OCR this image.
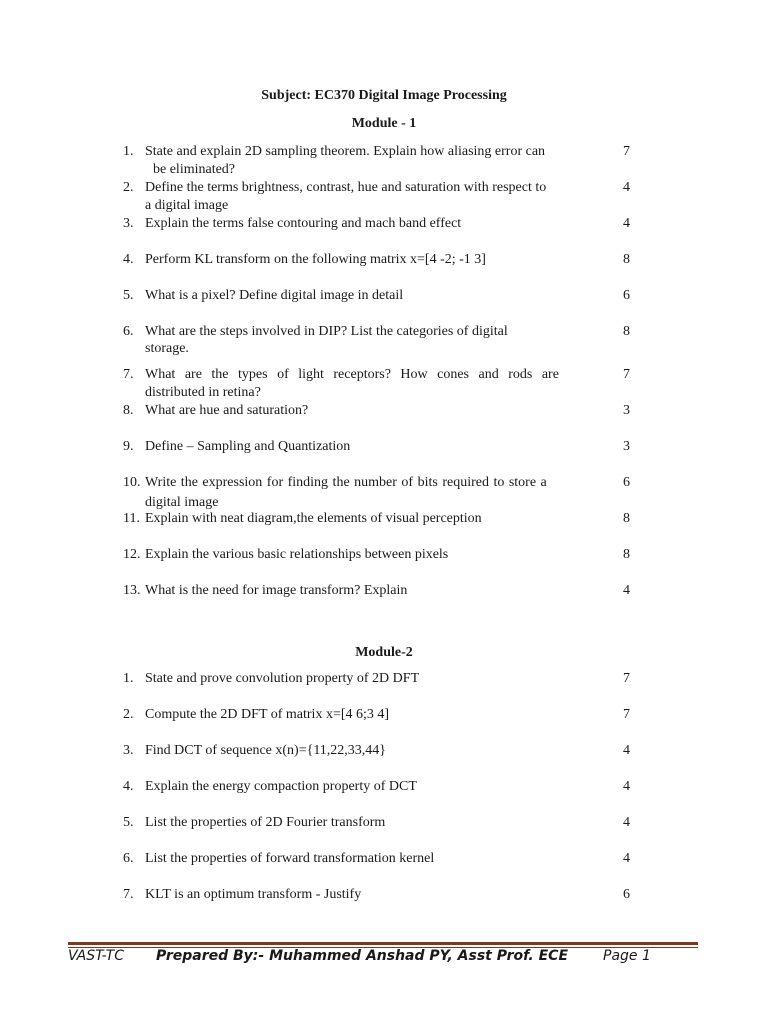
Subject: EC370 Digital Image Processing
Module - 1
1. State and explain 2D sampling theorem. Explain how aliasing error can	7
be eliminated?
2. Define the terms brightness, contrast, hue and saturation with respect to	4
a digital image
3. Explain the terms false contouring and mach band effect	4
4. Perform KL transform on the following matrix x=[4 -2; -1 3]	8
5. What is a pixel? Define digital image in detail	6
6. What are the steps involved in DIP? List the categories of digital	8
storage.
7. What are the types of light receptors? How cones and rods are	7
distributed in retina?
8. What are hue and saturation?	3
9. Define – Sampling and Quantization	3
10. Write the expression for finding the number of bits required to store a	6
digital image
11. Explain with neat diagram,the elements of visual perception	8
12. Explain the various basic relationships between pixels	8
13. What is the need for image transform? Explain	4
Module-2
1. State and prove convolution property of 2D DFT	7
2. Compute the 2D DFT of matrix x=[4 6;3 4]	7
3. Find DCT of sequence x(n)={11,22,33,44}	4
4. Explain the energy compaction property of DCT	4
5. List the properties of 2D Fourier transform	4
6. List the properties of forward transformation kernel	4
7. KLT is an optimum transform - Justify	6
VAST-TC Prepared By:- Muhammed Anshad PY, Asst Prof. ECE Page 1
